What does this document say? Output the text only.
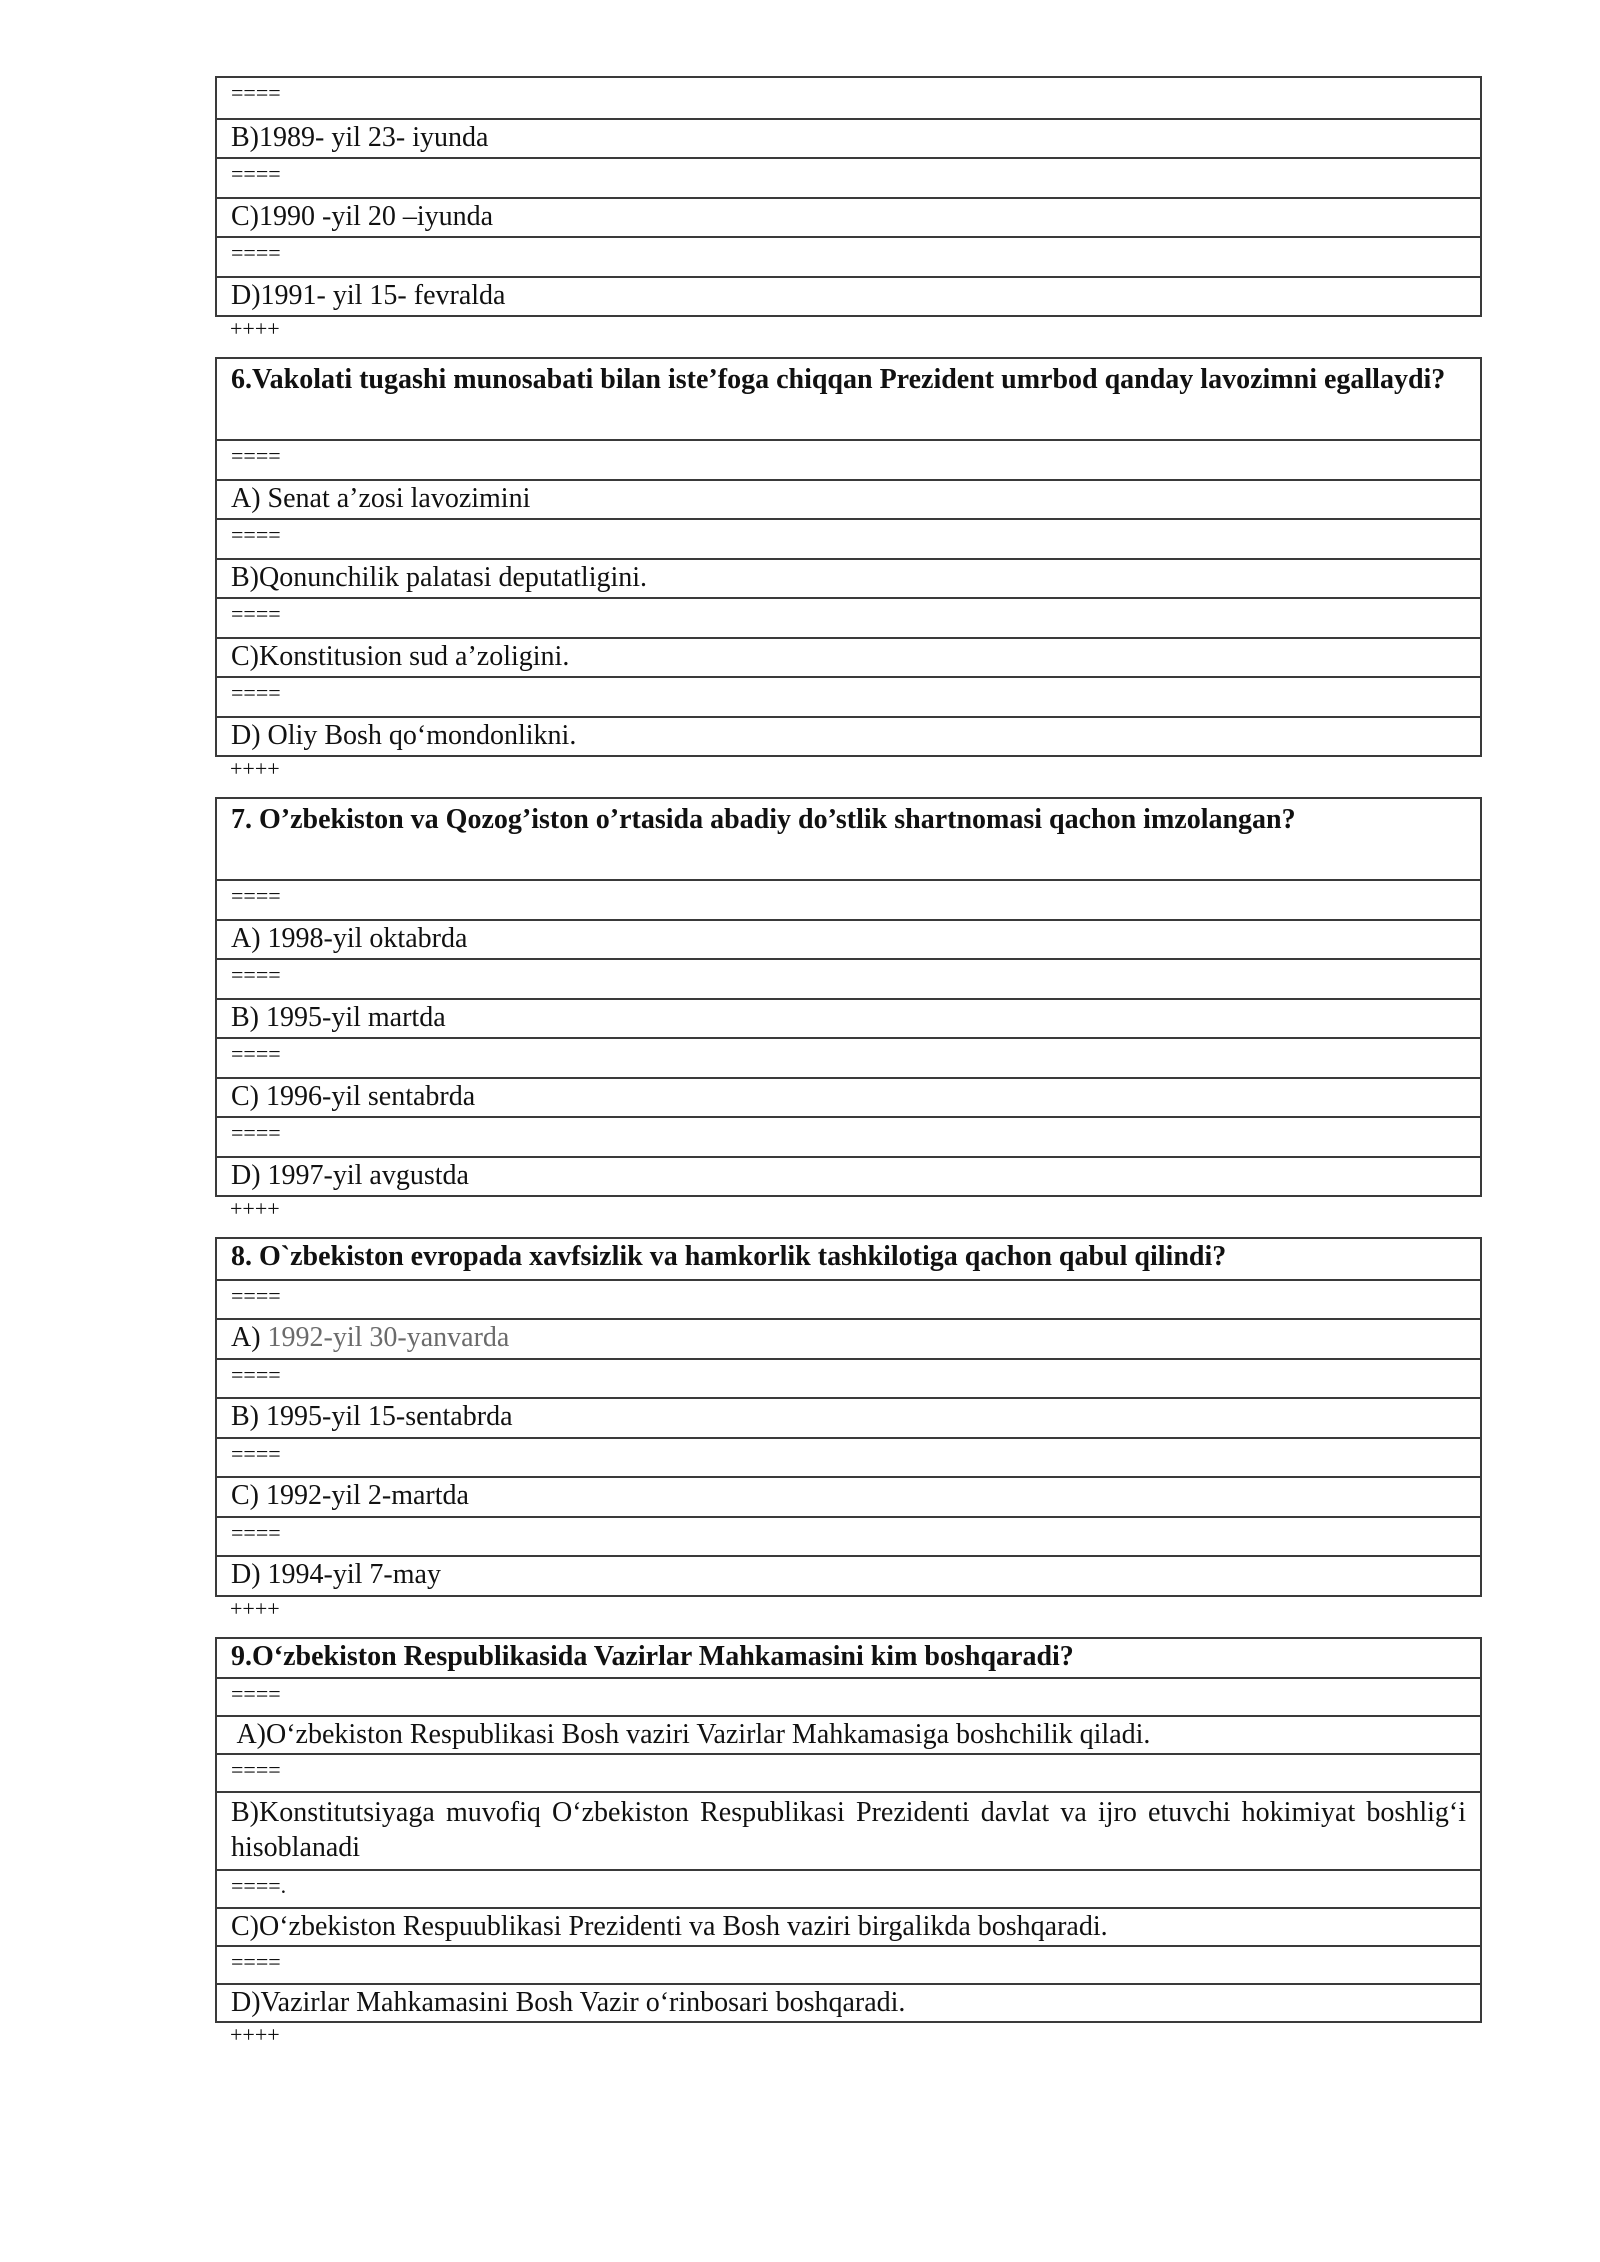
====
B)1989- yil 23- iyunda
====
C)1990 -yil 20 –iyunda
====
D)1991- yil 15- fevralda
++++
6.Vakolati tugashi munosabati bilan iste’foga chiqqan Prezident umrbod qanday lavozimni egallaydi?
====
A) Senat a’zosi lavozimini
====
B)Qonunchilik palatasi deputatligini.
====
C)Konstitusion sud a’zoligini.
====
D) Oliy Bosh qo‘mondonlikni.
++++
7. O’zbekiston va Qozog’iston o’rtasida abadiy do’stlik shartnomasi qachon imzolangan?
====
A) 1998-yil oktabrda
====
B) 1995-yil martda
====
C) 1996-yil sentabrda
====
D) 1997-yil avgustda
++++
8. O`zbekiston evropada xavfsizlik va hamkorlik tashkilotiga qachon qabul qilindi?
====
A) 1992-yil 30-yanvarda
====
B) 1995-yil 15-sentabrda
====
C) 1992-yil 2-martda
====
D) 1994-yil 7-may
++++
9.O‘zbekiston Respublikasida Vazirlar Mahkamasini kim boshqaradi?
====
A)O‘zbekiston Respublikasi Bosh vaziri Vazirlar Mahkamasiga boshchilik qiladi.
====
B)Konstitutsiyaga muvofiq O‘zbekiston Respublikasi Prezidenti davlat va ijro etuvchi hokimiyat boshlig‘i hisoblanadi
====.
C)O‘zbekiston Respuublikasi Prezidenti va Bosh vaziri birgalikda boshqaradi.
====
D)Vazirlar Mahkamasini Bosh Vazir o‘rinbosari boshqaradi.
++++
